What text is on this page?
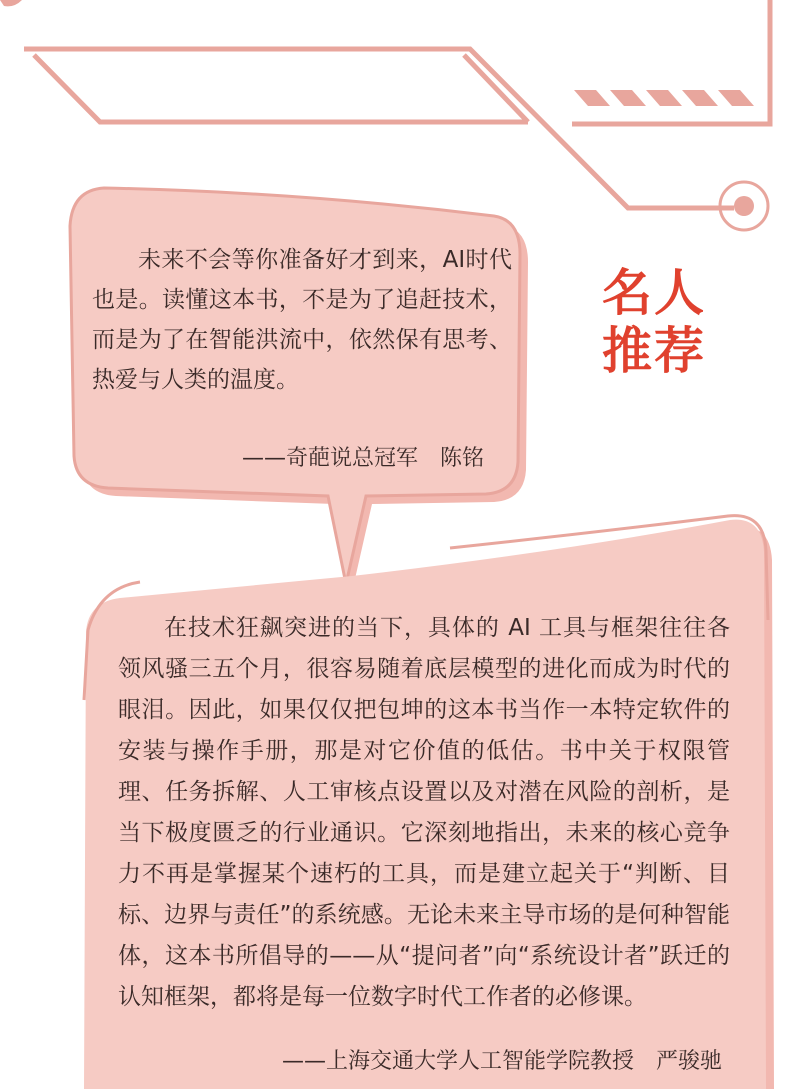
名人
推荐

未来不会等你准备好才到来，AI时代也是。读懂这本书，不是为了追赶技术，而是为了在智能洪流中，依然保有思考、热爱与人类的温度。

——奇葩说总冠军　陈铭

在技术狂飙突进的当下，具体的 AI 工具与框架往往各领风骚三五个月，很容易随着底层模型的进化而成为时代的眼泪。因此，如果仅仅把包坤的这本书当作一本特定软件的安装与操作手册，那是对它价值的低估。书中关于权限管理、任务拆解、人工审核点设置以及对潜在风险的剖析，是当下极度匮乏的行业通识。它深刻地指出，未来的核心竞争力不再是掌握某个速朽的工具，而是建立起关于“判断、目标、边界与责任”的系统感。无论未来主导市场的是何种智能体，这本书所倡导的——从“提问者”向“系统设计者”跃迁的认知框架，都将是每一位数字时代工作者的必修课。

——上海交通大学人工智能学院教授　严骏驰
